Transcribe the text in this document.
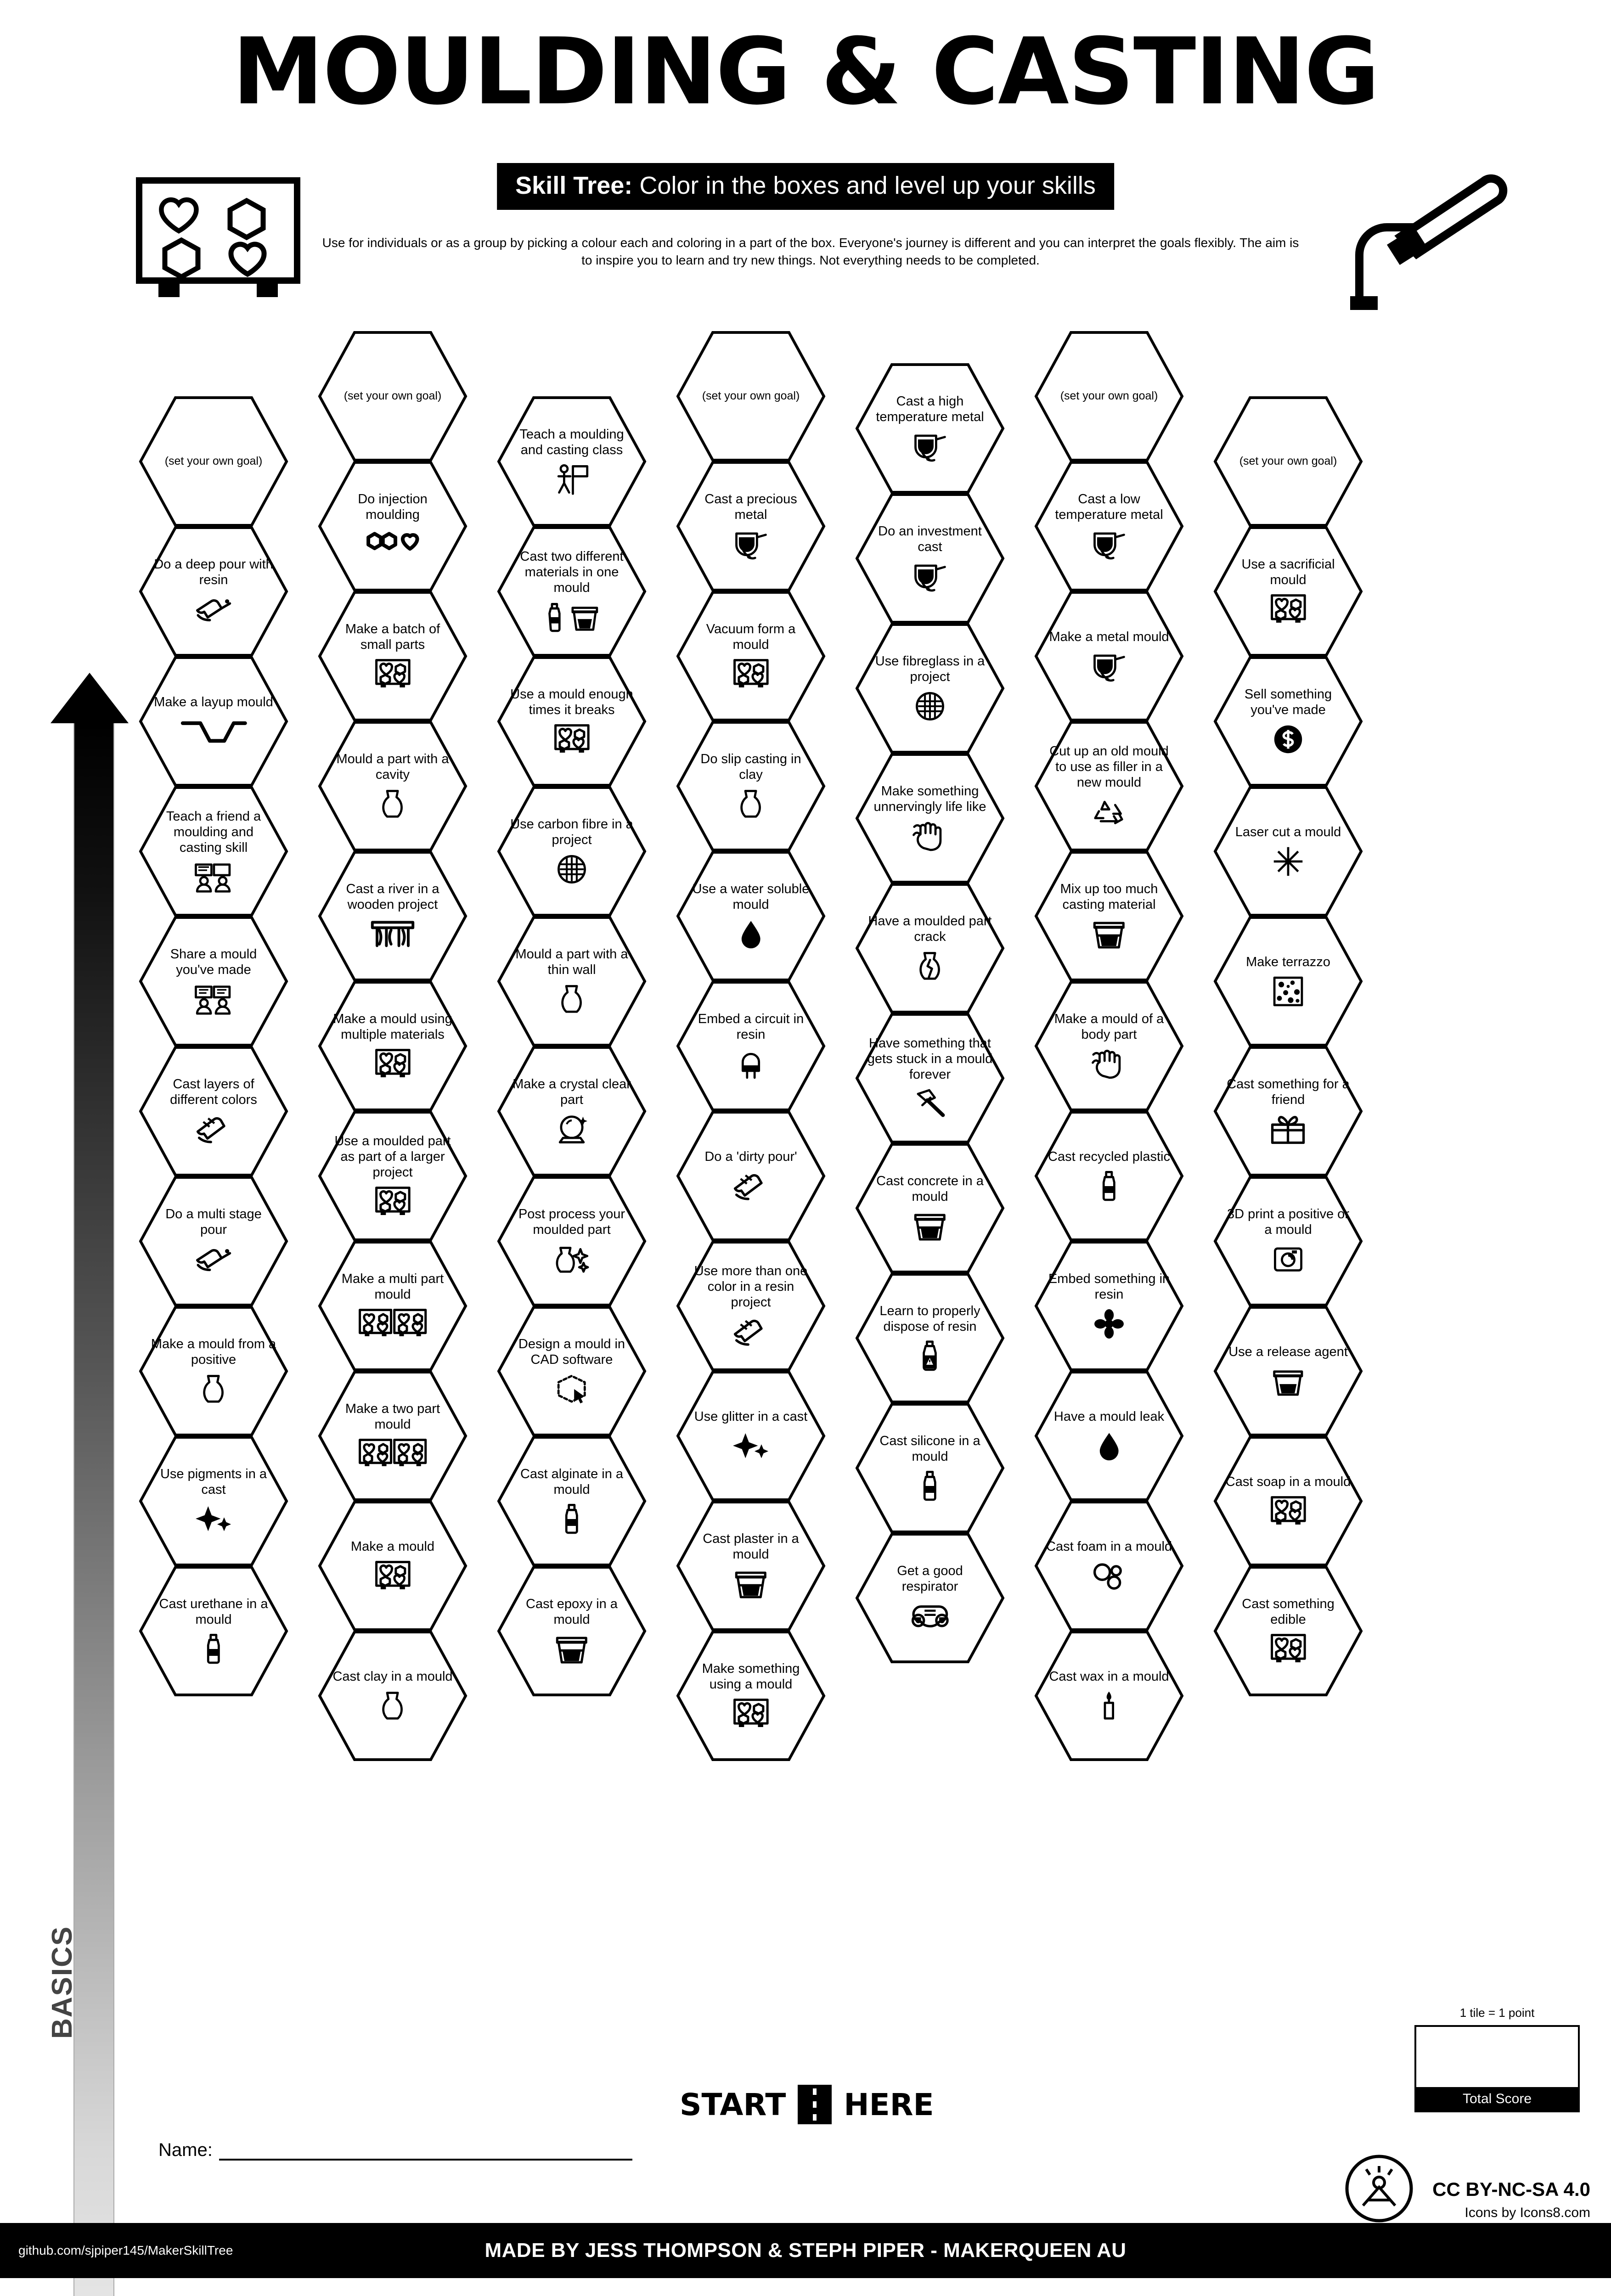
MOULDING & CASTING
Skill Tree: Color in the boxes and level up your skills
Use for individuals or as a group by picking a colour each and coloring in a part of the box. Everyone's journey is different and you can interpret the goals flexibly. The aim is to inspire you to learn and try new things. Not everything needs to be completed.
ADVANCED
BASICS
(set your own goal)
Do a deep pour with resin
Make a layup mould
Teach a friend a moulding and casting skill
Share a mould you've made
Cast layers of different colors
Do a multi stage pour
Make a mould from a positive
Use pigments in a cast
Cast urethane in a mould
(set your own goal)
Do injection moulding
Make a batch of small parts
Mould a part with a cavity
Cast a river in a wooden project
Make a mould using multiple materials
Use a moulded part as part of a larger project
Make a multi part mould
Make a two part mould
Make a mould
Cast clay in a mould
Teach a moulding and casting class
Cast two different materials in one mould
Use a mould enough times it breaks
Use carbon fibre in a project
Mould a part with a thin wall
Make a crystal clear part
Post process your moulded part
Design a mould in CAD software
Cast alginate in a mould
Cast epoxy in a mould
(set your own goal)
Cast a precious metal
Vacuum form a mould
Do slip casting in clay
Use a water soluble mould
Embed a circuit in resin
Do a 'dirty pour'
Use more than one color in a resin project
Use glitter in a cast
Cast plaster in a mould
Make something using a mould
Cast a high temperature metal
Do an investment cast
Use fibreglass in a project
Make something unnervingly life like
Have a moulded part crack
Have something that gets stuck in a mould forever
Cast concrete in a mould
Learn to properly dispose of resin
Cast silicone in a mould
Get a good respirator
(set your own goal)
Cast a low temperature metal
Make a metal mould
Cut up an old mould to use as filler in a new mould
Mix up too much casting material
Make a mould of a body part
Cast recycled plastic
Embed something in resin
Have a mould leak
Cast foam in a mould
Cast wax in a mould
(set your own goal)
Use a sacrificial mould
Sell something you've made
Laser cut a mould
Make terrazzo
Cast something for a friend
3D print a positive or a mould
Use a release agent
Cast soap in a mould
Cast something edible
START HERE
Name:
1 tile = 1 point
Total Score
CC BY-NC-SA 4.0
Icons by Icons8.com
github.com/sjpiper145/MakerSkillTree	MADE BY JESS THOMPSON & STEPH PIPER - MAKERQUEEN AU
